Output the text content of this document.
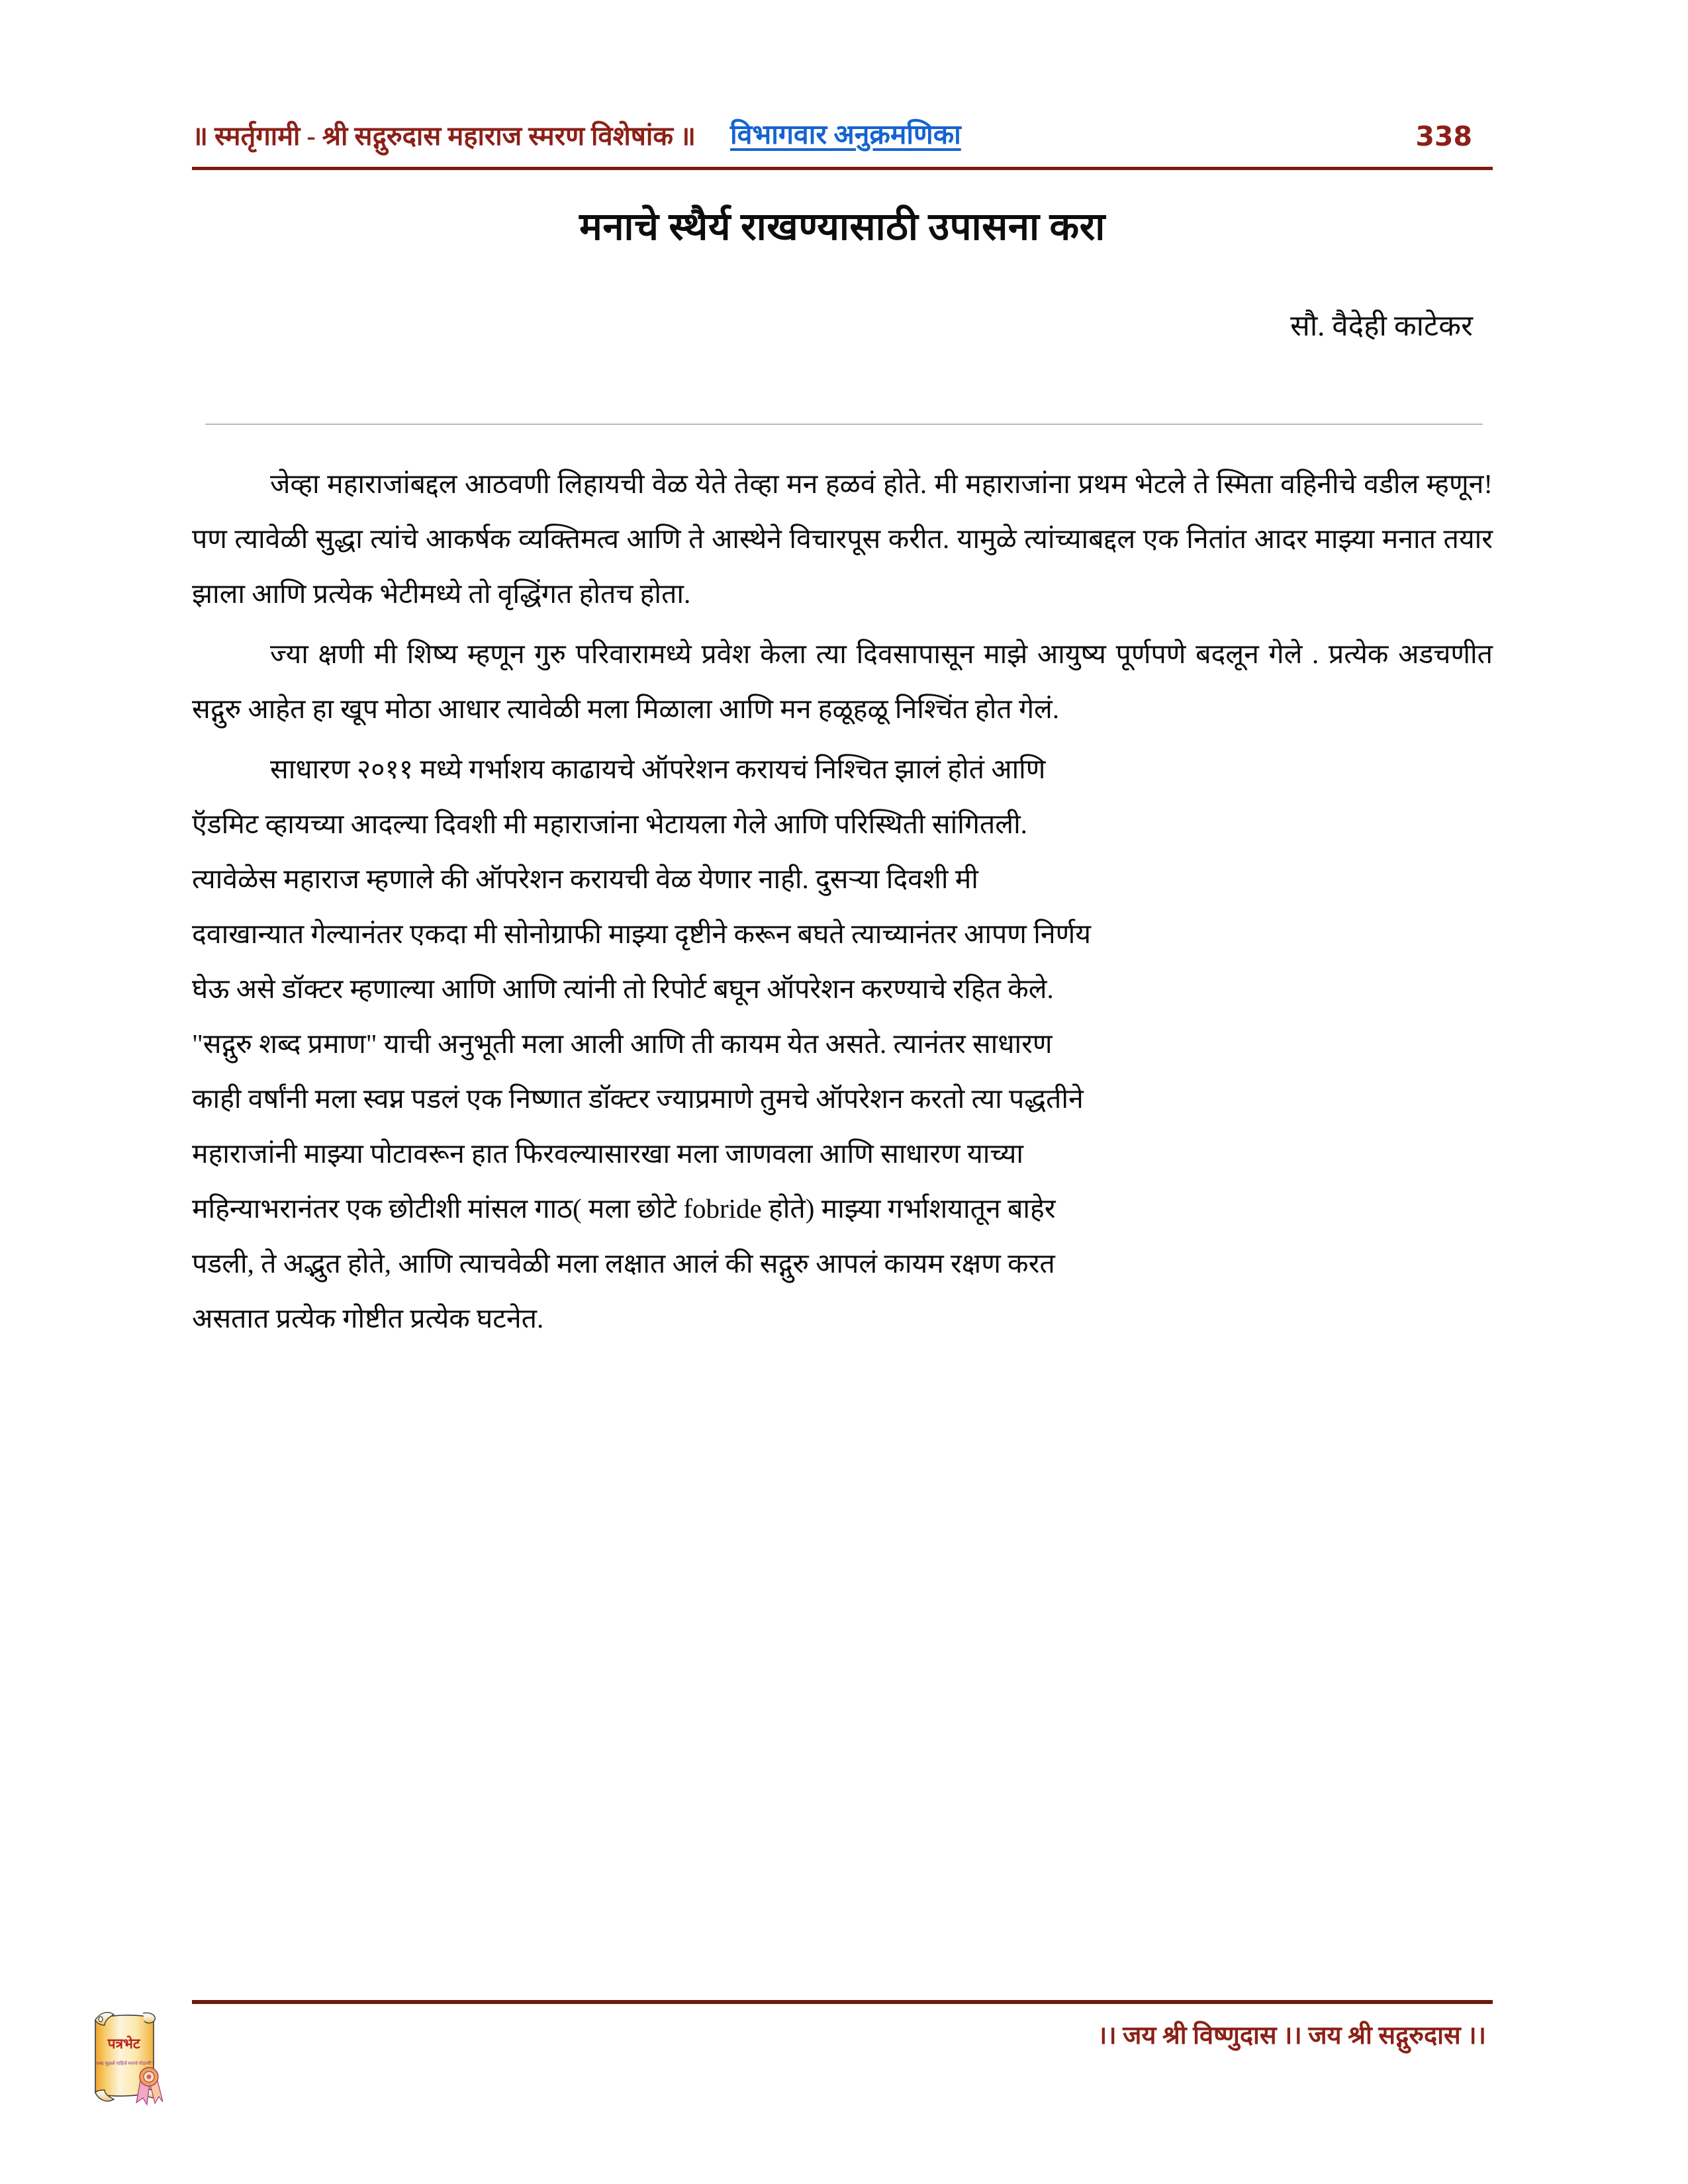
॥ स्मर्तृगामी - श्री सद्गुरुदास महाराज स्मरण विशेषांक ॥ विभागवार अनुक्रमणिका	338
मनाचे स्थैर्य राखण्यासाठी उपासना करा
सौ. वैदेही काटेकर

जेव्हा महाराजांबद्दल आठवणी लिहायची वेळ येते तेव्हा मन हळवं होते. मी महाराजांना प्रथम भेटले ते स्मिता वहिनीचे वडील म्हणून! पण त्यावेळी सुद्धा त्यांचे आकर्षक व्यक्तिमत्व आणि ते आस्थेने विचारपूस करीत. यामुळे त्यांच्याबद्दल एक नितांत आदर माझ्या मनात तयार झाला आणि प्रत्येक भेटीमध्ये तो वृद्धिंगत होतच होता.

ज्या क्षणी मी शिष्य म्हणून गुरु परिवारामध्ये प्रवेश केला त्या दिवसापासून माझे आयुष्य पूर्णपणे बदलून गेले . प्रत्येक अडचणीत सद्गुरु आहेत हा खूप मोठा आधार त्यावेळी मला मिळाला आणि मन हळूहळू निश्चिंत होत गेलं.

साधारण २०११ मध्ये गर्भाशय काढायचे ऑपरेशन करायचं निश्चित झालं होतं आणि
ऍडमिट व्हायच्या आदल्या दिवशी मी महाराजांना भेटायला गेले आणि परिस्थिती सांगितली.
त्यावेळेस महाराज म्हणाले की ऑपरेशन करायची वेळ येणार नाही. दुसऱ्या दिवशी मी
दवाखान्यात गेल्यानंतर एकदा मी सोनोग्राफी माझ्या दृष्टीने करून बघते त्याच्यानंतर आपण निर्णय
घेऊ असे डॉक्टर म्हणाल्या आणि आणि त्यांनी तो रिपोर्ट बघून ऑपरेशन करण्याचे रहित केले.
"सद्गुरु शब्द प्रमाण" याची अनुभूती मला आली आणि ती कायम येत असते. त्यानंतर साधारण
काही वर्षांनी मला स्वप्न पडलं एक निष्णात डॉक्टर ज्याप्रमाणे तुमचे ऑपरेशन करतो त्या पद्धतीने
महाराजांनी माझ्या पोटावरून हात फिरवल्यासारखा मला जाणवला आणि साधारण याच्या
महिन्याभरानंतर एक छोटीशी मांसल गाठ( मला छोटे fobride होते) माझ्या गर्भाशयातून बाहेर
पडली, ते अद्भुत होते, आणि त्याचवेळी मला लक्षात आलं की सद्गुरु आपलं कायम रक्षण करत
असतात प्रत्येक गोष्टीत प्रत्येक घटनेत.
।। जय श्री विष्णुदास ।। जय श्री सद्गुरुदास ।।
पत्रभेट
"शब्द जुळले पाहिजे मनाचे गोठाणी"
